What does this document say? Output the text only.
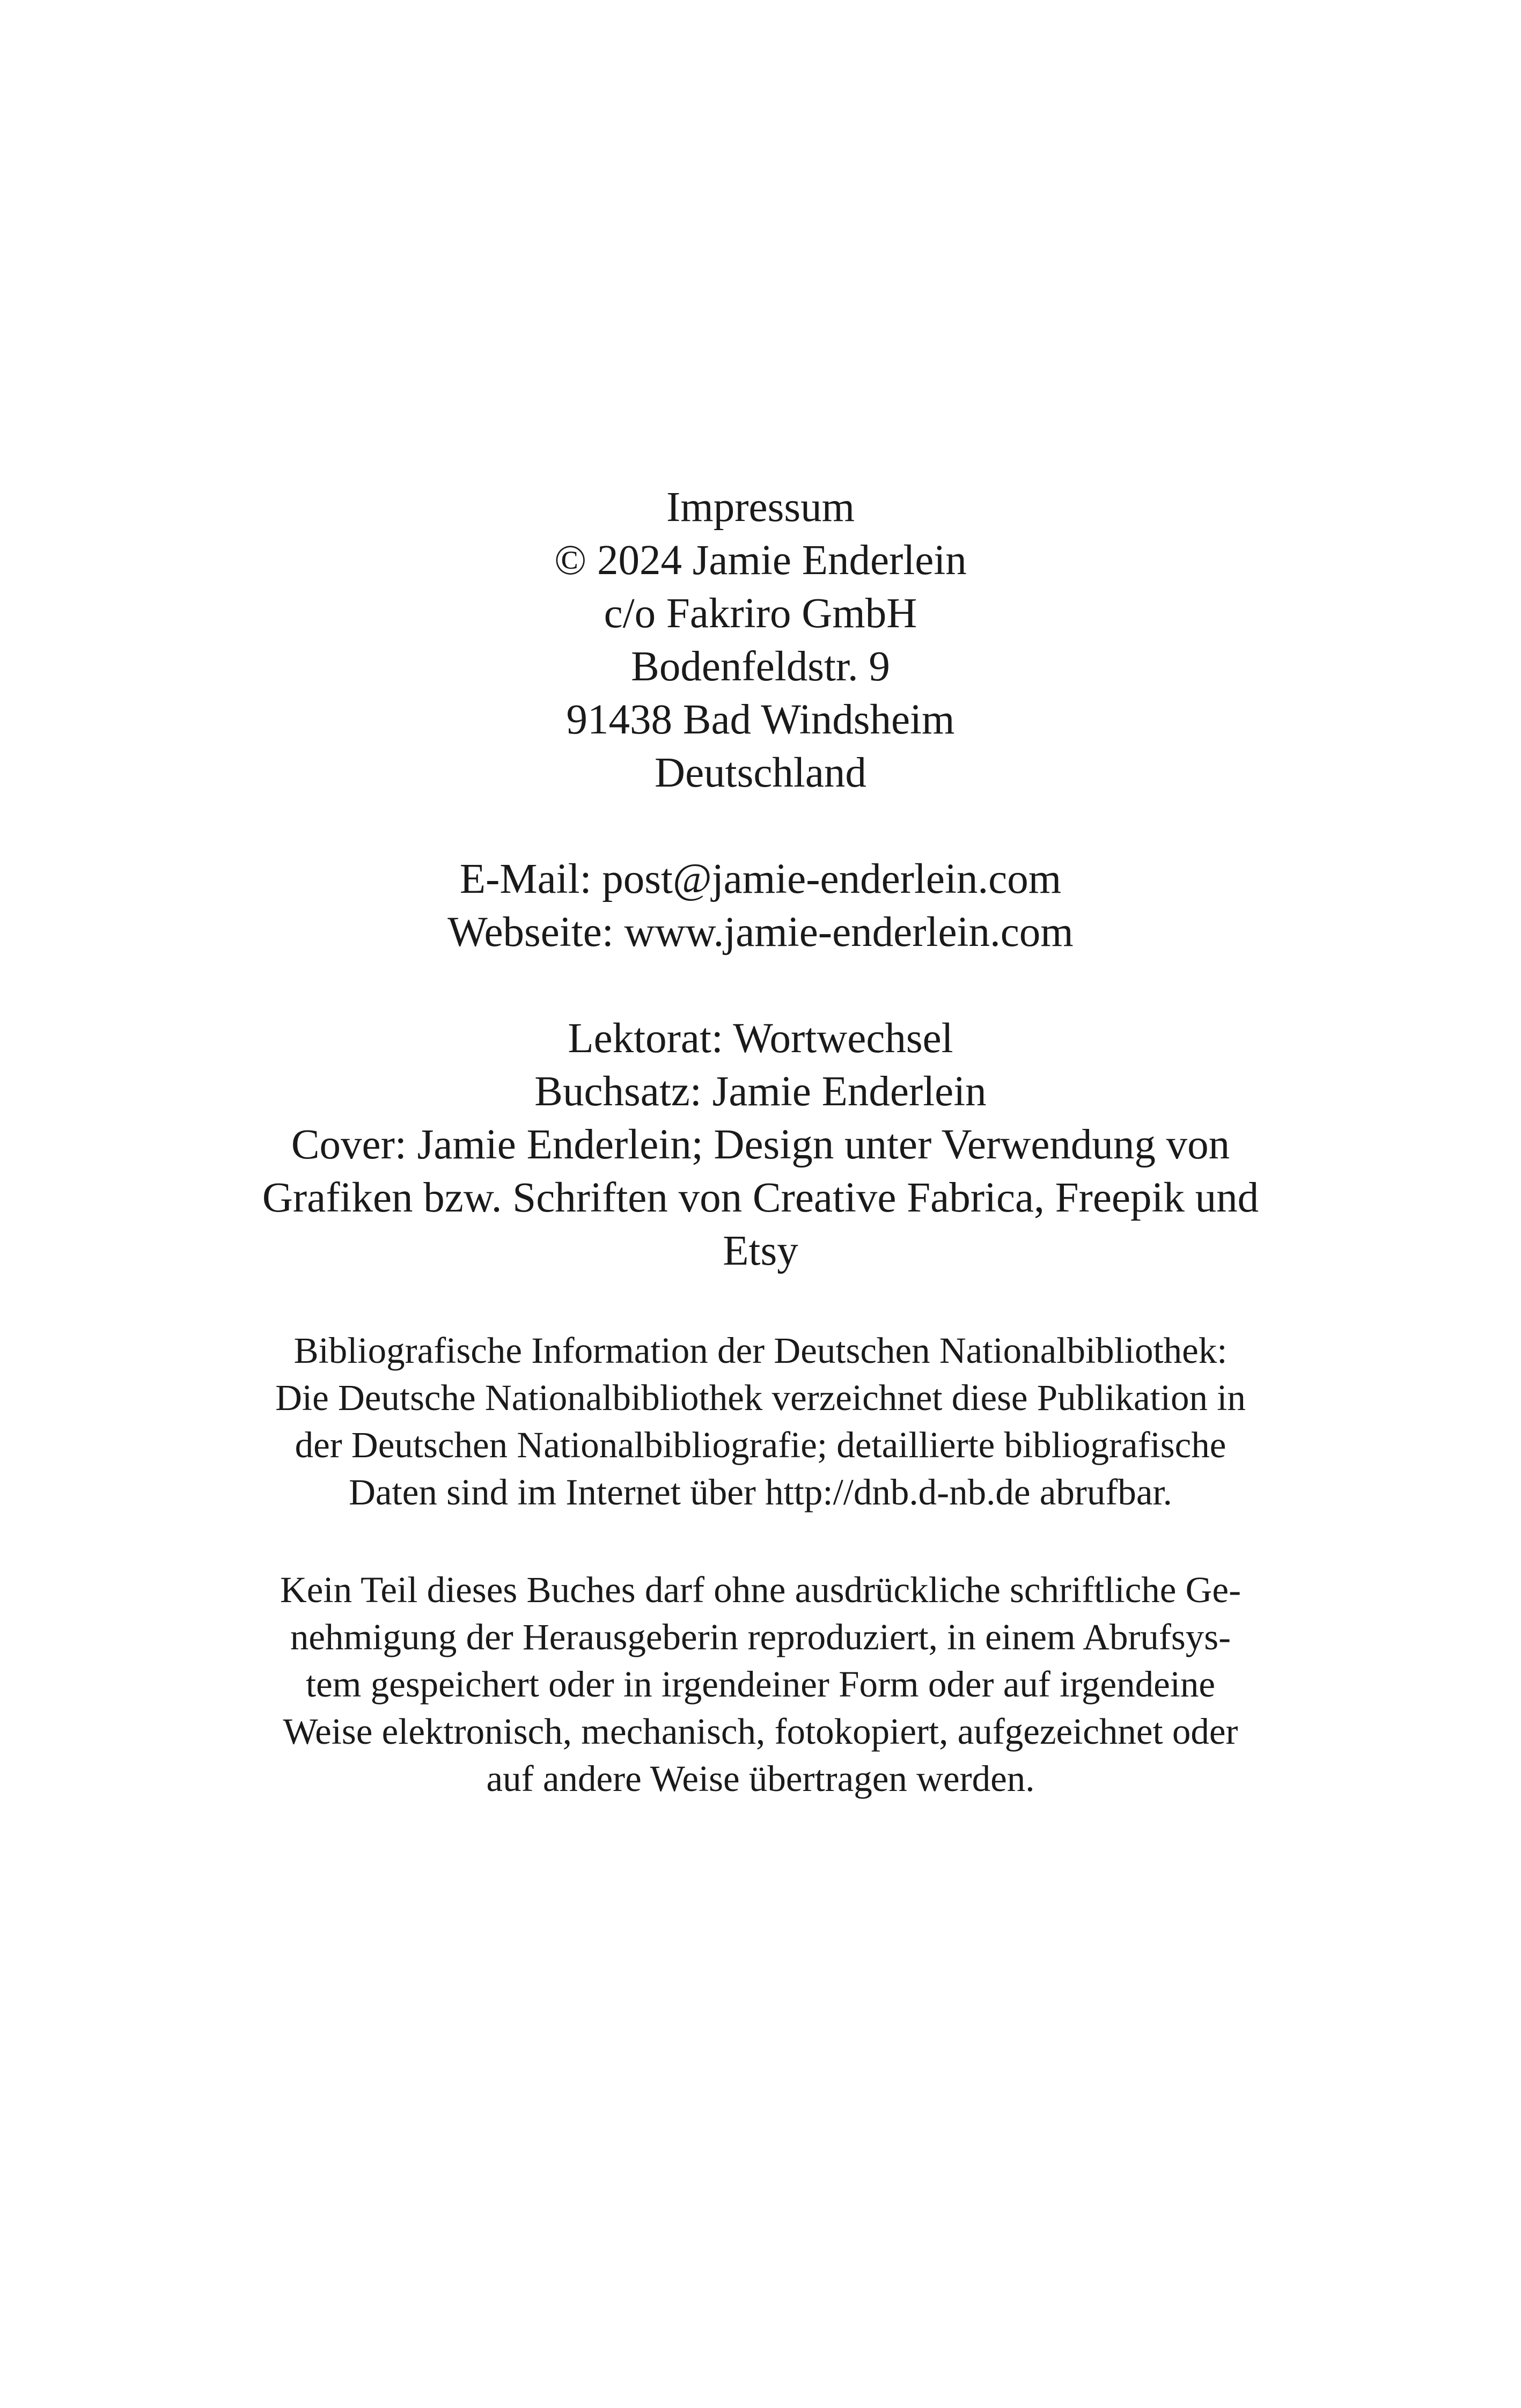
Impressum
© 2024 Jamie Enderlein
c/o Fakriro GmbH
Bodenfeldstr. 9
91438 Bad Windsheim
Deutschland
E-Mail: post@jamie-enderlein.com
Webseite: www.jamie-enderlein.com
Lektorat: Wortwechsel
Buchsatz: Jamie Enderlein
Cover: Jamie Enderlein; Design unter Verwendung von
Grafiken bzw. Schriften von Creative Fabrica, Freepik und
Etsy
Bibliografische Information der Deutschen Nationalbibliothek:
Die Deutsche Nationalbibliothek verzeichnet diese Publikation in
der Deutschen Nationalbibliografie; detaillierte bibliografische
Daten sind im Internet über http://dnb.d-nb.de abrufbar.
Kein Teil dieses Buches darf ohne ausdrückliche schriftliche Ge-
nehmigung der Herausgeberin reproduziert, in einem Abrufsys-
tem gespeichert oder in irgendeiner Form oder auf irgendeine
Weise elektronisch, mechanisch, fotokopiert, aufgezeichnet oder
auf andere Weise übertragen werden.
